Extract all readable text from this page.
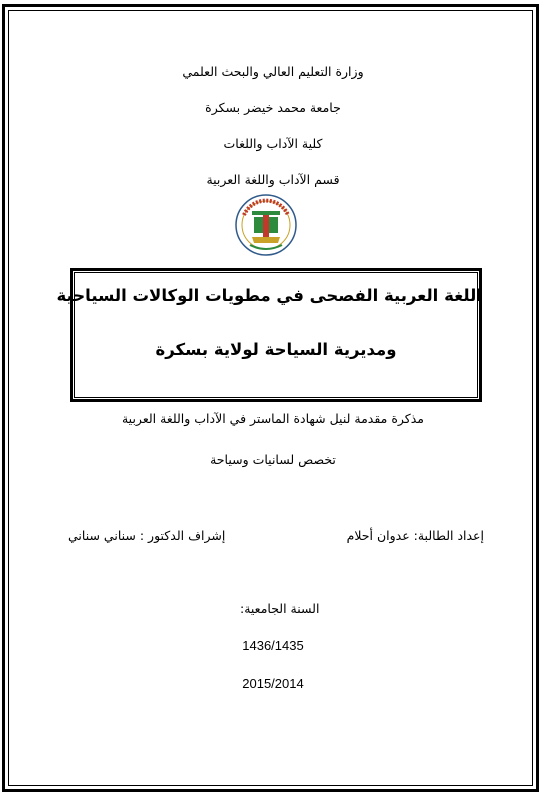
وزارة التعليم العالي والبحث العلمي
جامعة محمد خيضر بسكرة
كلية الآداب واللغات
قسم الآداب واللغة العربية
اللغة العربية الفصحى في مطويات الوكالات السياحية
ومديرية السياحة لولاية بسكرة
مذكرة مقدمة لنيل شهادة الماستر في الآداب واللغة العربية
تخصص لسانيات وسياحة
إعداد الطالبة: عدوان أحلام
إشراف الدكتور : سناني سناني
السنة الجامعية:
1436/1435
2015/2014
